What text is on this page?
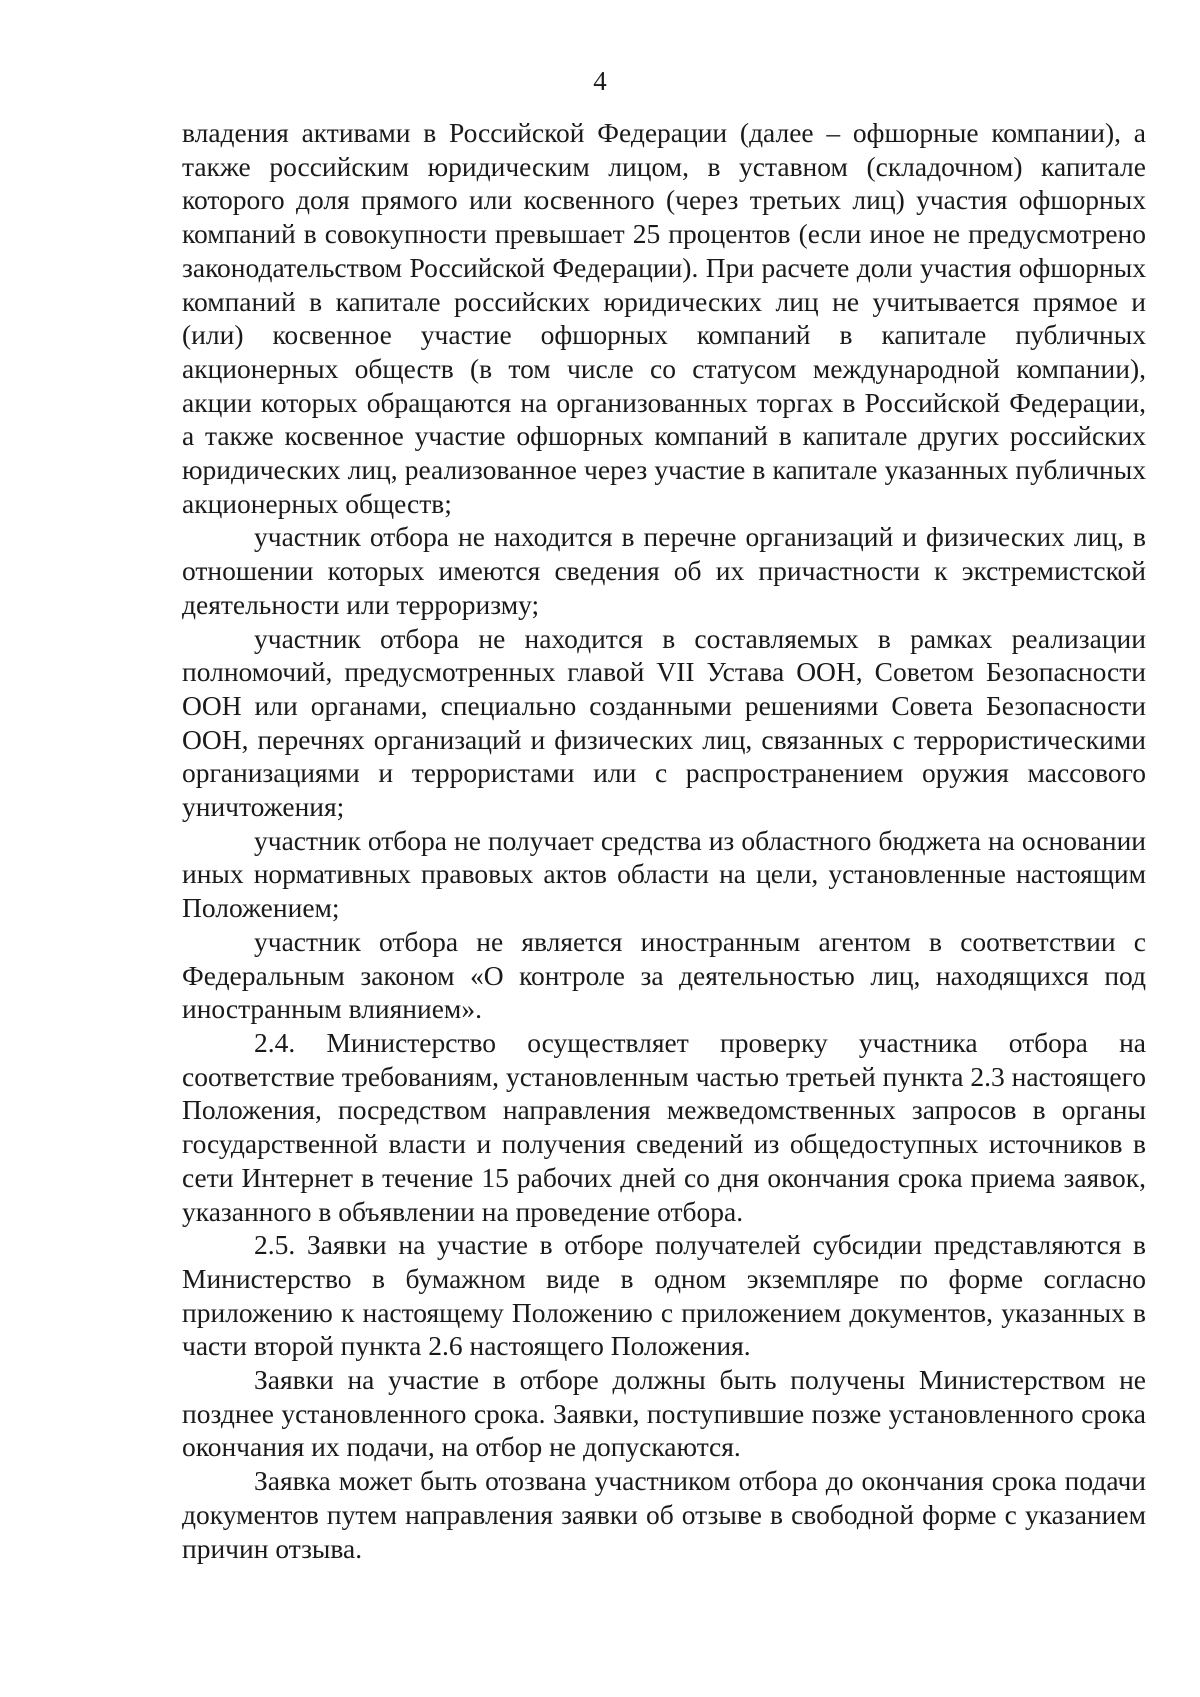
4

владения активами в Российской Федерации (далее – офшорные компании), а также российским юридическим лицом, в уставном (складочном) капитале которого доля прямого или косвенного (через третьих лиц) участия офшорных компаний в совокупности превышает 25 процентов (если иное не предусмотрено законодательством Российской Федерации). При расчете доли участия офшорных компаний в капитале российских юридических лиц не учитывается прямое и (или) косвенное участие офшорных компаний в капитале публичных акционерных обществ (в том числе со статусом международной компании), акции которых обращаются на организованных торгах в Российской Федерации, а также косвенное участие офшорных компаний в капитале других российских юридических лиц, реализованное через участие в капитале указанных публичных акционерных обществ;

участник отбора не находится в перечне организаций и физических лиц, в отношении которых имеются сведения об их причастности к экстремистской деятельности или терроризму;

участник отбора не находится в составляемых в рамках реализации полномочий, предусмотренных главой VII Устава ООН, Советом Безопасности ООН или органами, специально созданными решениями Совета Безопасности ООН, перечнях организаций и физических лиц, связанных с террористическими организациями и террористами или с распространением оружия массового уничтожения;

участник отбора не получает средства из областного бюджета на основании иных нормативных правовых актов области на цели, установленные настоящим Положением;

участник отбора не является иностранным агентом в соответствии с Федеральным законом «О контроле за деятельностью лиц, находящихся под иностранным влиянием».

2.4. Министерство осуществляет проверку участника отбора на соответствие требованиям, установленным частью третьей пункта 2.3 настоящего Положения, посредством направления межведомственных запросов в органы государственной власти и получения сведений из общедоступных источников в сети Интернет в течение 15 рабочих дней со дня окончания срока приема заявок, указанного в объявлении на проведение отбора.

2.5. Заявки на участие в отборе получателей субсидии представляются в Министерство в бумажном виде в одном экземпляре по форме согласно приложению к настоящему Положению с приложением документов, указанных в части второй пункта 2.6 настоящего Положения.

Заявки на участие в отборе должны быть получены Министерством не позднее установленного срока. Заявки, поступившие позже установленного срока окончания их подачи, на отбор не допускаются.

Заявка может быть отозвана участником отбора до окончания срока подачи документов путем направления заявки об отзыве в свободной форме с указанием причин отзыва.
